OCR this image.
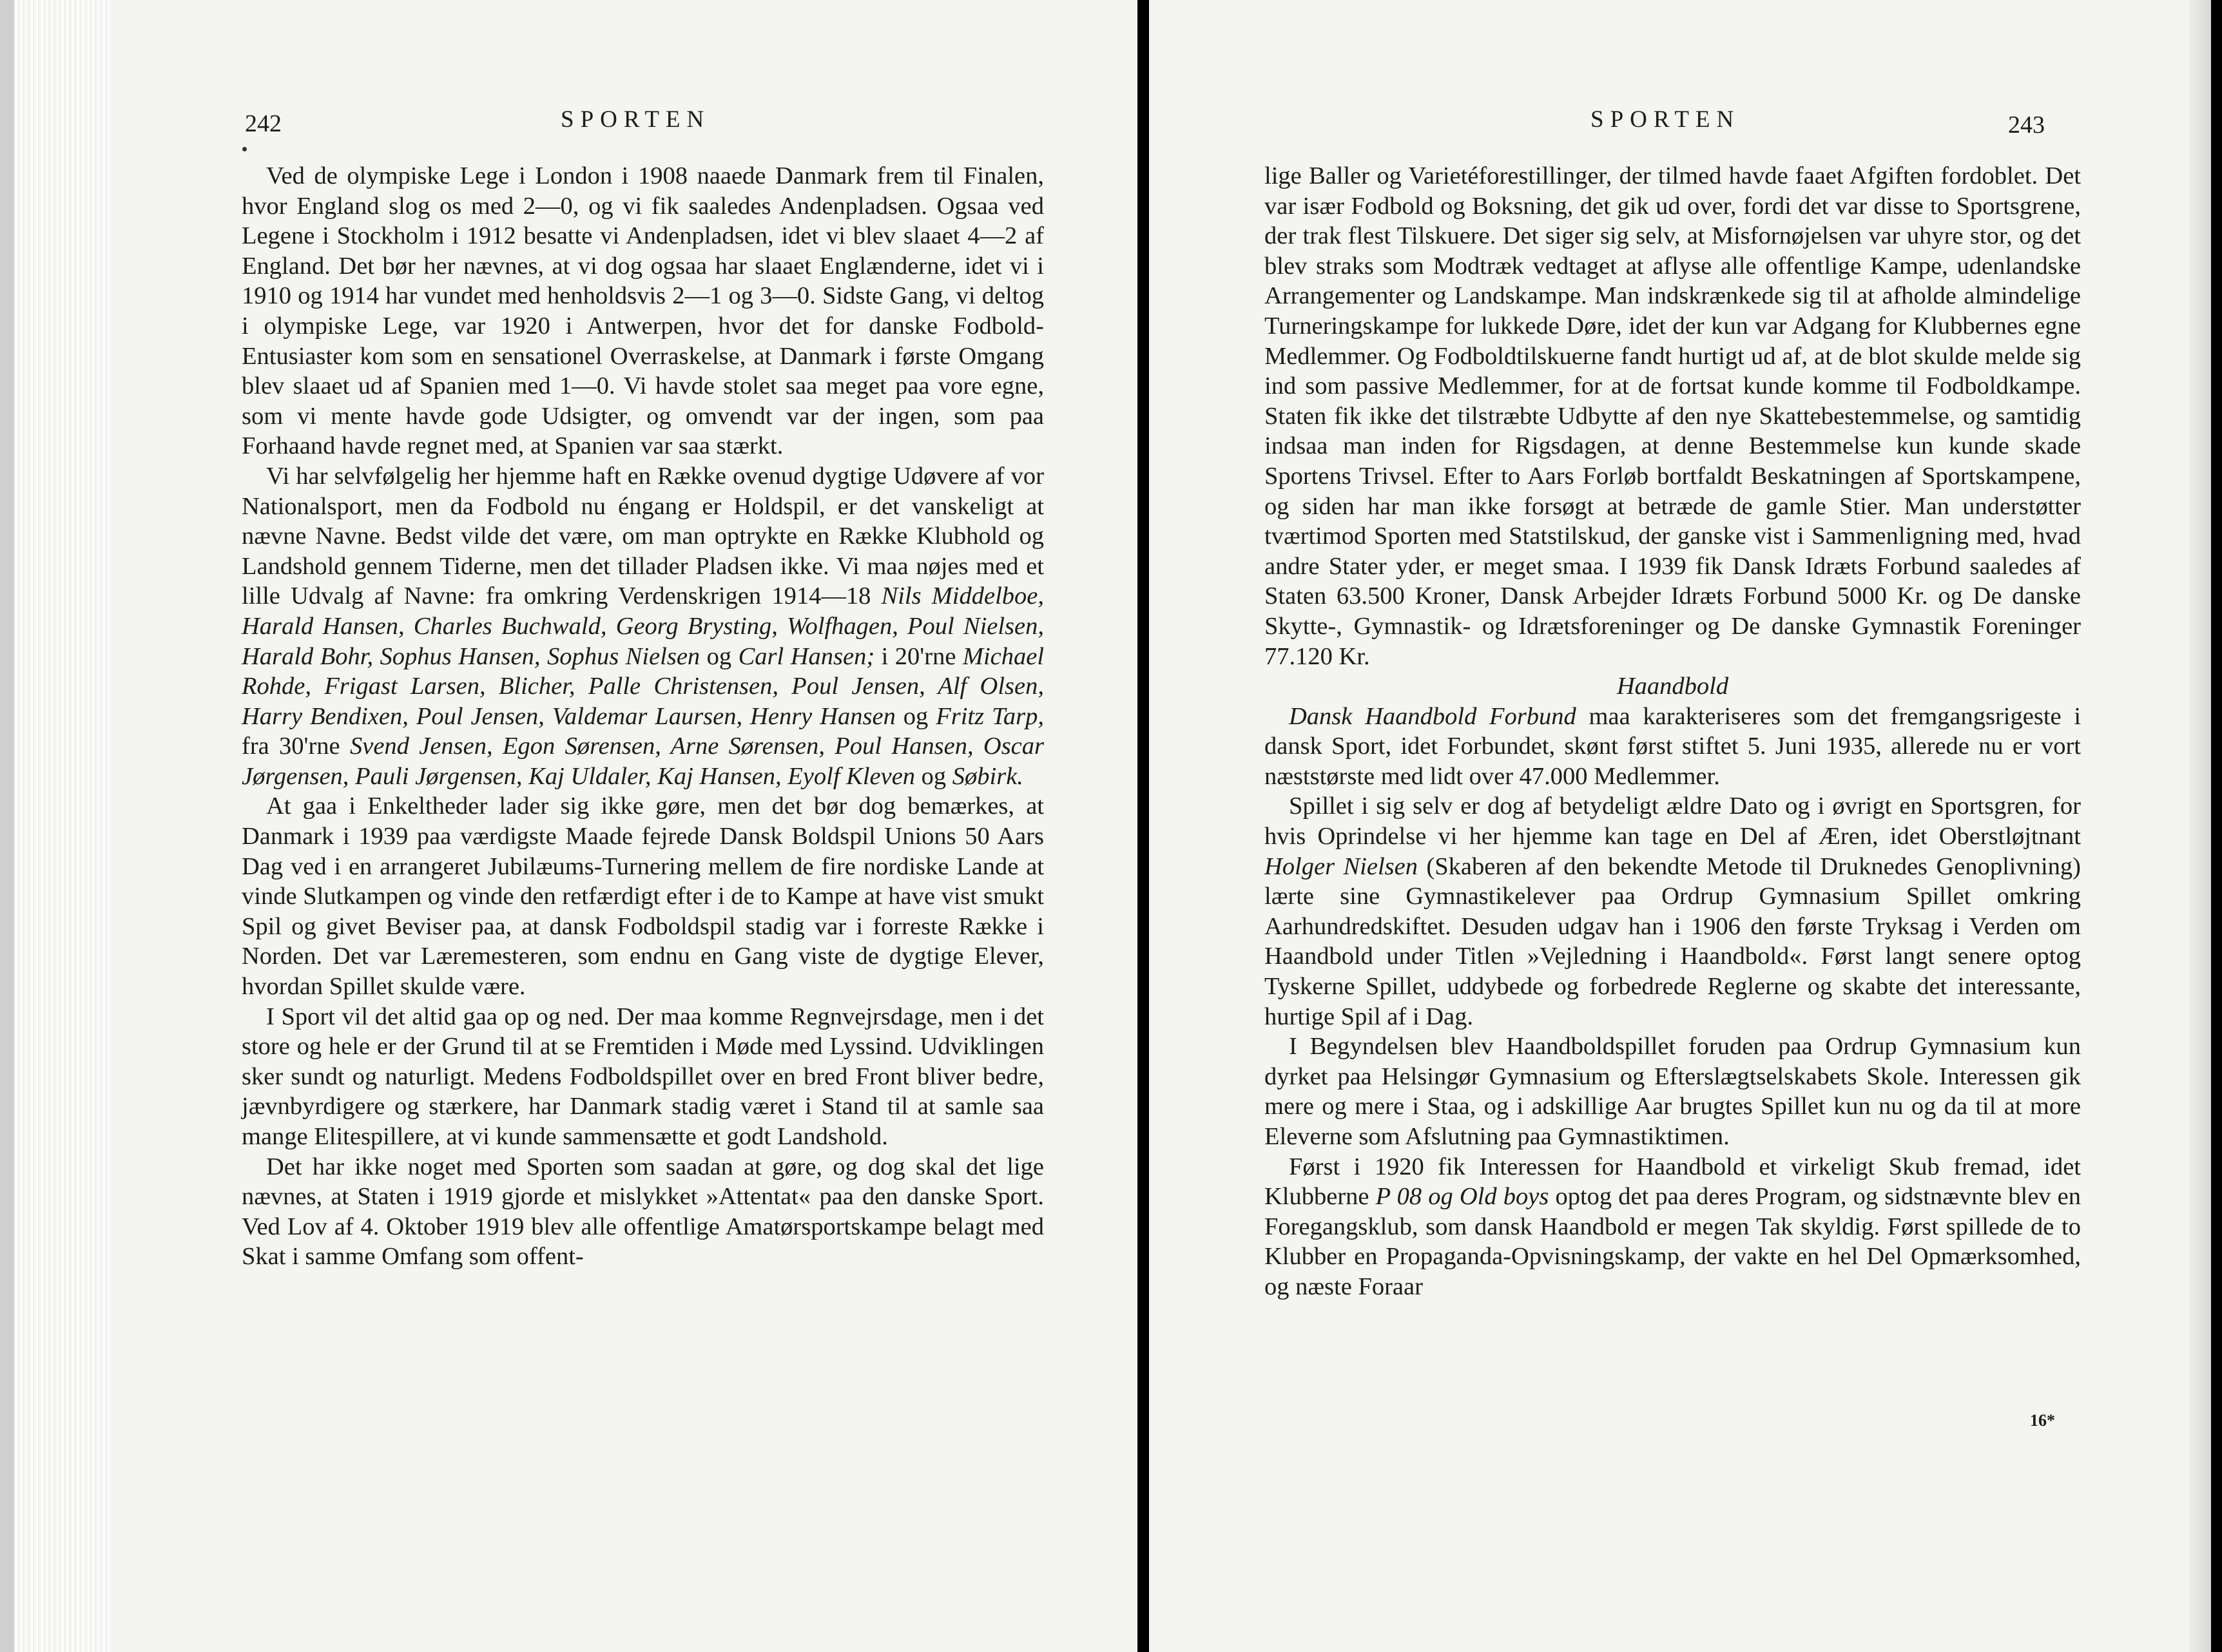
242	SPORTEN

Ved de olympiske Lege i London i 1908 naaede Danmark frem til Finalen, hvor England slog os med 2—0, og vi fik saaledes Andenpladsen. Ogsaa ved Legene i Stockholm i 1912 besatte vi Andenpladsen, idet vi blev slaaet 4—2 af England. Det bør her nævnes, at vi dog ogsaa har slaaet Englænderne, idet vi i 1910 og 1914 har vundet med henholdsvis 2—1 og 3—0. Sidste Gang, vi deltog i olympiske Lege, var 1920 i Antwerpen, hvor det for danske Fodbold-Entusiaster kom som en sensationel Overraskelse, at Danmark i første Omgang blev slaaet ud af Spanien med 1—0. Vi havde stolet saa meget paa vore egne, som vi mente havde gode Udsigter, og omvendt var der ingen, som paa Forhaand havde regnet med, at Spanien var saa stærkt.

Vi har selvfølgelig her hjemme haft en Række ovenud dygtige Udøvere af vor Nationalsport, men da Fodbold nu éngang er Holdspil, er det vanskeligt at nævne Navne. Bedst vilde det være, om man optrykte en Række Klubhold og Landshold gennem Tiderne, men det tillader Pladsen ikke. Vi maa nøjes med et lille Udvalg af Navne: fra omkring Verdenskrigen 1914—18 Nils Middelboe, Harald Hansen, Charles Buchwald, Georg Brysting, Wolfhagen, Poul Nielsen, Harald Bohr, Sophus Hansen, Sophus Nielsen og Carl Hansen; i 20'rne Michael Rohde, Frigast Larsen, Blicher, Palle Christensen, Poul Jensen, Alf Olsen, Harry Bendixen, Poul Jensen, Valdemar Laursen, Henry Hansen og Fritz Tarp, fra 30'rne Svend Jensen, Egon Sørensen, Arne Sørensen, Poul Hansen, Oscar Jørgensen, Pauli Jørgensen, Kaj Uldaler, Kaj Hansen, Eyolf Kleven og Søbirk.

At gaa i Enkeltheder lader sig ikke gøre, men det bør dog bemærkes, at Danmark i 1939 paa værdigste Maade fejrede Dansk Boldspil Unions 50 Aars Dag ved i en arrangeret Jubilæums-Turnering mellem de fire nordiske Lande at vinde Slutkampen og vinde den retfærdigt efter i de to Kampe at have vist smukt Spil og givet Beviser paa, at dansk Fodboldspil stadig var i forreste Række i Norden. Det var Læremesteren, som endnu en Gang viste de dygtige Elever, hvordan Spillet skulde være.

I Sport vil det altid gaa op og ned. Der maa komme Regnvejrsdage, men i det store og hele er der Grund til at se Fremtiden i Møde med Lyssind. Udviklingen sker sundt og naturligt. Medens Fodboldspillet over en bred Front bliver bedre, jævnbyrdigere og stærkere, har Danmark stadig været i Stand til at samle saa mange Elitespillere, at vi kunde sammensætte et godt Landshold.

Det har ikke noget med Sporten som saadan at gøre, og dog skal det lige nævnes, at Staten i 1919 gjorde et mislykket »Attentat« paa den danske Sport. Ved Lov af 4. Oktober 1919 blev alle offentlige Amatørsportskampe belagt med Skat i samme Omfang som offent-

SPORTEN	243

lige Baller og Varietéforestillinger, der tilmed havde faaet Afgiften fordoblet. Det var især Fodbold og Boksning, det gik ud over, fordi det var disse to Sportsgrene, der trak flest Tilskuere. Det siger sig selv, at Misfornøjelsen var uhyre stor, og det blev straks som Modtræk vedtaget at aflyse alle offentlige Kampe, udenlandske Arrangementer og Landskampe. Man indskrænkede sig til at afholde almindelige Turneringskampe for lukkede Døre, idet der kun var Adgang for Klubbernes egne Medlemmer. Og Fodboldtilskuerne fandt hurtigt ud af, at de blot skulde melde sig ind som passive Medlemmer, for at de fortsat kunde komme til Fodboldkampe. Staten fik ikke det tilstræbte Udbytte af den nye Skattebestemmelse, og samtidig indsaa man inden for Rigsdagen, at denne Bestemmelse kun kunde skade Sportens Trivsel. Efter to Aars Forløb bortfaldt Beskatningen af Sportskampene, og siden har man ikke forsøgt at betræde de gamle Stier. Man understøtter tværtimod Sporten med Statstilskud, der ganske vist i Sammenligning med, hvad andre Stater yder, er meget smaa. I 1939 fik Dansk Idræts Forbund saaledes af Staten 63.500 Kroner, Dansk Arbejder Idræts Forbund 5000 Kr. og De danske Skytte-, Gymnastik- og Idrætsforeninger og De danske Gymnastik Foreninger 77.120 Kr.

Haandbold

Dansk Haandbold Forbund maa karakteriseres som det fremgangsrigeste i dansk Sport, idet Forbundet, skønt først stiftet 5. Juni 1935, allerede nu er vort næststørste med lidt over 47.000 Medlemmer.

Spillet i sig selv er dog af betydeligt ældre Dato og i øvrigt en Sportsgren, for hvis Oprindelse vi her hjemme kan tage en Del af Æren, idet Oberstløjtnant Holger Nielsen (Skaberen af den bekendte Metode til Druknedes Genoplivning) lærte sine Gymnastikelever paa Ordrup Gymnasium Spillet omkring Aarhundredskiftet. Desuden udgav han i 1906 den første Tryksag i Verden om Haandbold under Titlen »Vejledning i Haandbold«. Først langt senere optog Tyskerne Spillet, uddybede og forbedrede Reglerne og skabte det interessante, hurtige Spil af i Dag.

I Begyndelsen blev Haandboldspillet foruden paa Ordrup Gymnasium kun dyrket paa Helsingør Gymnasium og Efterslægtselskabets Skole. Interessen gik mere og mere i Staa, og i adskillige Aar brugtes Spillet kun nu og da til at more Eleverne som Afslutning paa Gymnastiktimen.

Først i 1920 fik Interessen for Haandbold et virkeligt Skub fremad, idet Klubberne P 08 og Old boys optog det paa deres Program, og sidstnævnte blev en Foregangsklub, som dansk Haandbold er megen Tak skyldig. Først spillede de to Klubber en Propaganda-Opvisningskamp, der vakte en hel Del Opmærksomhed, og næste Foraar

16*
